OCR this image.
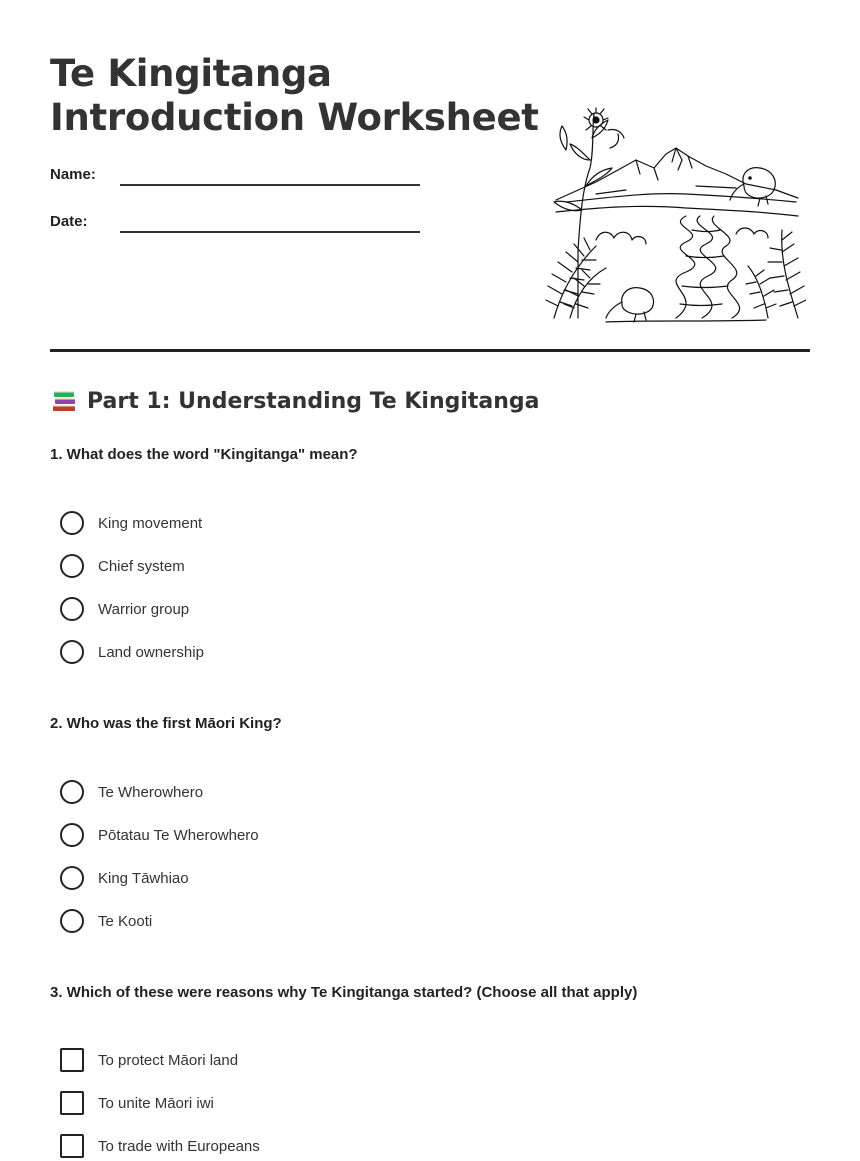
Te Kingitanga
Introduction Worksheet
Name:
Date:
Part 1: Understanding Te Kingitanga

1. What does the word "Kingitanga" mean?

King movement
Chief system
Warrior group
Land ownership

2. Who was the first Māori King?

Te Wherowhero
Pōtatau Te Wherowhero
King Tāwhiao
Te Kooti

3. Which of these were reasons why Te Kingitanga started? (Choose all that apply)

To protect Māori land
To unite Māori iwi
To trade with Europeans
